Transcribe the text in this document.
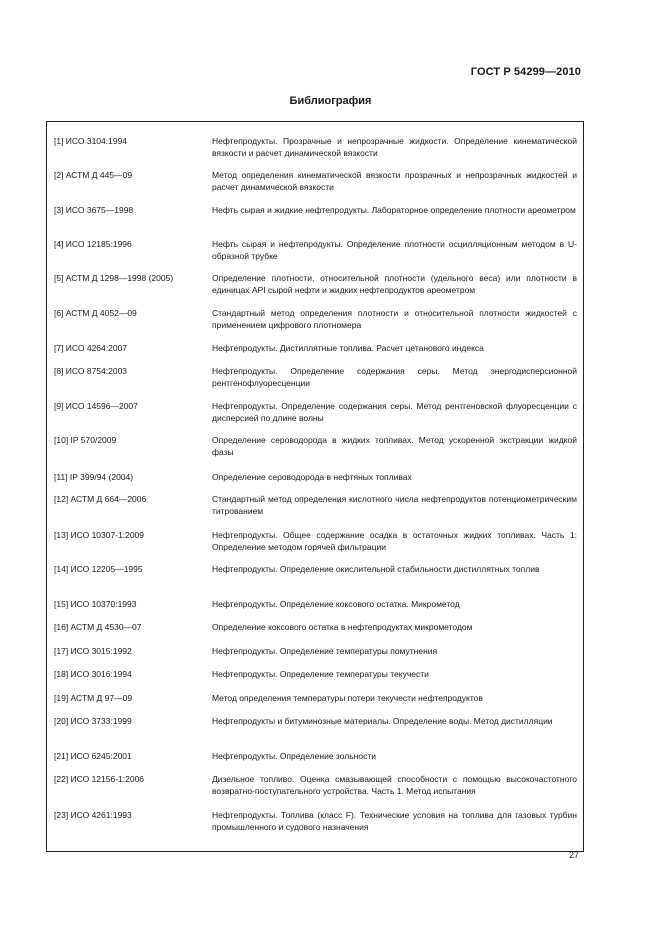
ГОСТ Р 54299—2010
Библиография
[1] ИСО 3104:1994	Нефтепродукты. Прозрачные и непрозрачные жидкости. Определение кинематической вязкости и расчет динамической вязкости
[2] АСТМ Д 445—09	Метод определения кинематической вязкости прозрачных и непрозрачных жидкостей и расчет динамической вязкости
[3] ИСО 3675—1998	Нефть сырая и жидкие нефтепродукты. Лабораторное определение плотности ареометром
[4] ИСО 12185:1996	Нефть сырая и нефтепродукты. Определение плотности осцилляционным методом в U-образной трубке
[5] АСТМ Д 1298—1998 (2005)	Определение плотности, относительной плотности (удельного веса) или плотности в единицах API сырой нефти и жидких нефтепродуктов ареометром
[6] АСТМ Д 4052—09	Стандартный метод определения плотности и относительной плотности жидкостей с применением цифрового плотномера
[7] ИСО 4264:2007	Нефтепродукты. Дистиллятные топлива. Расчет цетанового индекса
[8] ИСО 8754:2003	Нефтепродукты. Определение содержания серы. Метод энергодисперсионной рентгенофлуоресценции
[9] ИСО 14596—2007	Нефтепродукты. Определение содержания серы. Метод рентгеновской флуоресценции с дисперсией по длине волны
[10] IP 570/2009	Определение сероводорода в жидких топливах. Метод ускоренной экстракции жидкой фазы
[11] IP 399/94 (2004)	Определение сероводорода в нефтяных топливах
[12] АСТМ Д 664—2006	Стандартный метод определения кислотного числа нефтепродуктов потенциометрическим титрованием
[13] ИСО 10307-1:2009	Нефтепродукты. Общее содержание осадка в остаточных жидких топливах. Часть 1: Определение методом горячей фильтрации
[14] ИСО 12205—1995	Нефтепродукты. Определение окислительной стабильности дистиллятных топлив
[15] ИСО 10370:1993	Нефтепродукты. Определение коксового остатка. Микрометод
[16] АСТМ Д 4530—07	Определение коксового остатка в нефтепродуктах микрометодом
[17] ИСО 3015:1992	Нефтепродукты. Определение температуры помутнения
[18] ИСО 3016:1994	Нефтепродукты. Определение температуры текучести
[19] АСТМ Д 97—09	Метод определения температуры потери текучести нефтепродуктов
[20] ИСО 3733:1999	Нефтепродукты и битуминозные материалы. Определение воды. Метод дистилляции
[21] ИСО 6245:2001	Нефтепродукты. Определение зольности
[22] ИСО 12156-1:2006	Дизельное топливо. Оценка смазывающей способности с помощью высокочастотного возвратно-поступательного устройства. Часть 1. Метод испытания
[23] ИСО 4261:1993	Нефтепродукты. Топлива (класс F). Технические условия на топлива для газовых турбин промышленного и судового назначения
27
